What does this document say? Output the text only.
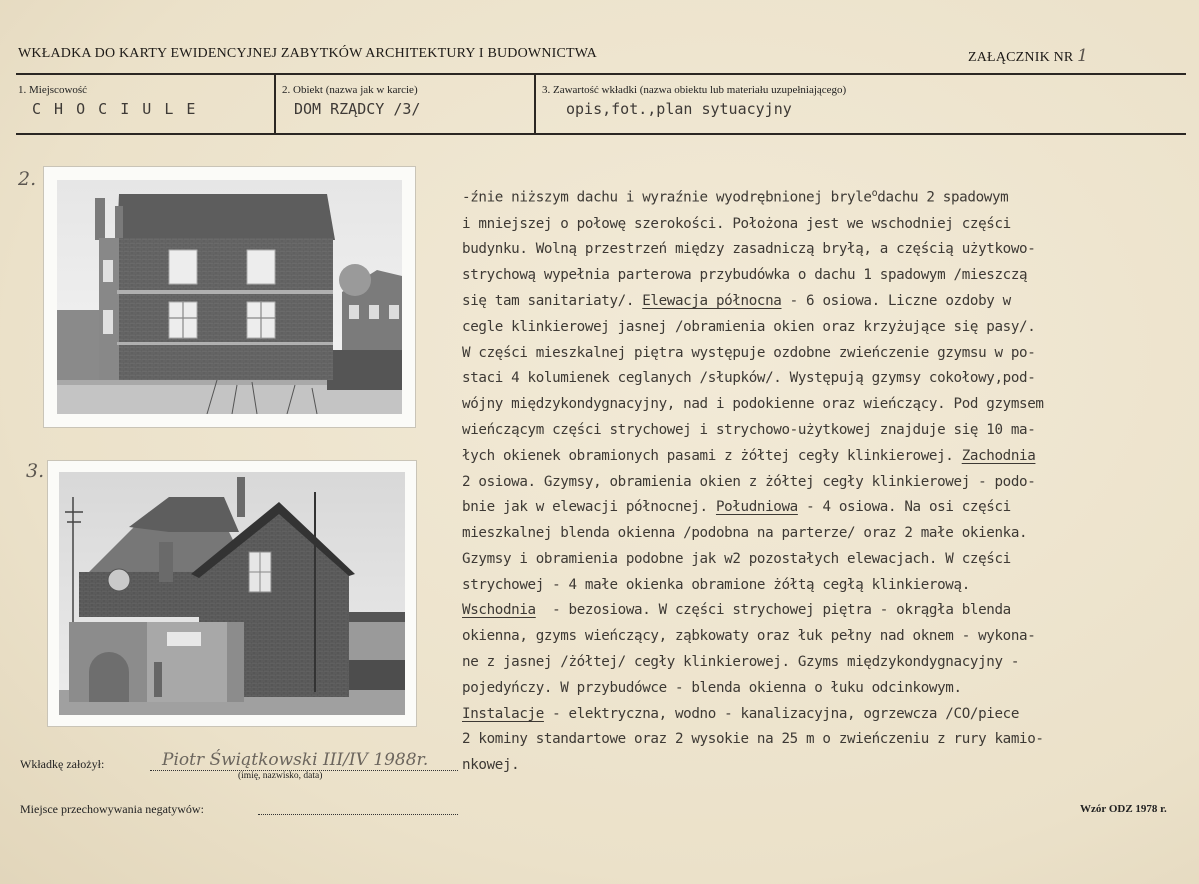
WKŁADKA DO KARTY EWIDENCYJNEJ ZABYTKÓW ARCHITEKTURY I BUDOWNICTWA	ZAŁĄCZNIK NR 1
1. Miejscowość
C H O C I U L E
2. Obiekt (nazwa jak w karcie)
DOM RZĄDCY /3/
3. Zawartość wkładki (nazwa obiektu lub materiału uzupełniającego)
opis,fot.,plan sytuacyjny
2.
3.
-źnie niższym dachu i wyraźnie wyodrębnionej bryle$^o$dachu 2 spadowym
i mniejszej o połowę szerokości. Położona jest we wschodniej części
budynku. Wolną przestrzeń między zasadniczą bryłą, a częścią użytkowo-
strychową wypełnia parterowa przybudówka o dachu 1 spadowym /mieszczą
się tam sanitariaty/. Elewacja północna - 6 osiowa. Liczne ozdoby w
cegle klinkierowej jasnej /obramienia okien oraz krzyżujące się pasy/.
W części mieszkalnej piętra występuje ozdobne zwieńczenie gzymsu w po-
staci 4 kolumienek ceglanych /słupków/. Występują gzymsy cokołowy,pod-
wójny międzykondygnacyjny, nad i podokienne oraz wieńczący. Pod gzymsem
wieńczącym części strychowej i strychowo-użytkowej znajduje się 10 ma-
łych okienek obramionych pasami z żółtej cegły klinkierowej. Zachodnia
2 osiowa. Gzymsy, obramienia okien z żółtej cegły klinkierowej - podo-
bnie jak w elewacji północnej. Południowa - 4 osiowa. Na osi części
mieszkalnej blenda okienna /podobna na parterze/ oraz 2 małe okienka.
Gzymsy i obramienia podobne jak w2 pozostałych elewacjach. W części
strychowej - 4 małe okienka obramione żółtą cegłą klinkierową.
Wschodnia  - bezosiowa. W części strychowej piętra - okrągła blenda
okienna, gzyms wieńczący, ząbkowaty oraz łuk pełny nad oknem - wykona-
ne z jasnej /żółtej/ cegły klinkierowej. Gzyms międzykondygnacyjny -
pojedyńczy. W przybudówce - blenda okienna o łuku odcinkowym.
Instalacje - elektryczna, wodno - kanalizacyjna, ogrzewcza /CO/piece
2 kominy standartowe oraz 2 wysokie na 25 m o zwieńczeniu z rury kamio-
nkowej.
Wkładkę założył:	Piotr Świątkowski III/IV 1988r.
(imię, nazwisko, data)
Miejsce przechowywania negatywów:	Wzór ODZ 1978 r.
